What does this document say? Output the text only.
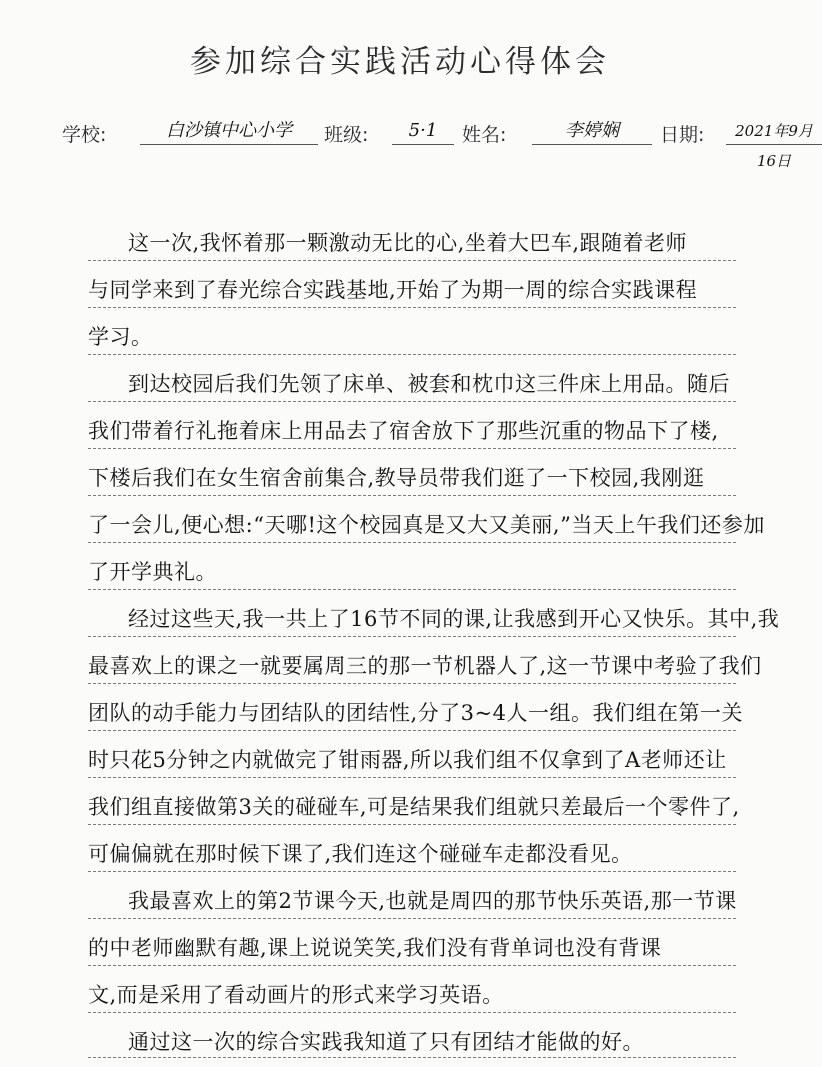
参加综合实践活动心得体会
学校:	白沙镇中心小学	班级:	5·1	姓名:	李婷娴	日期:	2021年9月16日
这一次,我怀着那一颗激动无比的心,坐着大巴车,跟随着老师
与同学来到了春光综合实践基地,开始了为期一周的综合实践课程
学习。
到达校园后我们先领了床单、被套和枕巾这三件床上用品。随后
我们带着行礼拖着床上用品去了宿舍放下了那些沉重的物品下了楼,
下楼后我们在女生宿舍前集合,教导员带我们逛了一下校园,我刚逛
了一会儿,便心想:“天哪!这个校园真是又大又美丽,”当天上午我们还参加
了开学典礼。
经过这些天,我一共上了16节不同的课,让我感到开心又快乐。其中,我
最喜欢上的课之一就要属周三的那一节机器人了,这一节课中考验了我们
团队的动手能力与团结队的团结性,分了3~4人一组。我们组在第一关
时只花5分钟之内就做完了钳雨器,所以我们组不仅拿到了A老师还让
我们组直接做第3关的碰碰车,可是结果我们组就只差最后一个零件了,
可偏偏就在那时候下课了,我们连这个碰碰车走都没看见。
我最喜欢上的第2节课今天,也就是周四的那节快乐英语,那一节课
的中老师幽默有趣,课上说说笑笑,我们没有背单词也没有背课
文,而是采用了看动画片的形式来学习英语。
通过这一次的综合实践我知道了只有团结才能做的好。
